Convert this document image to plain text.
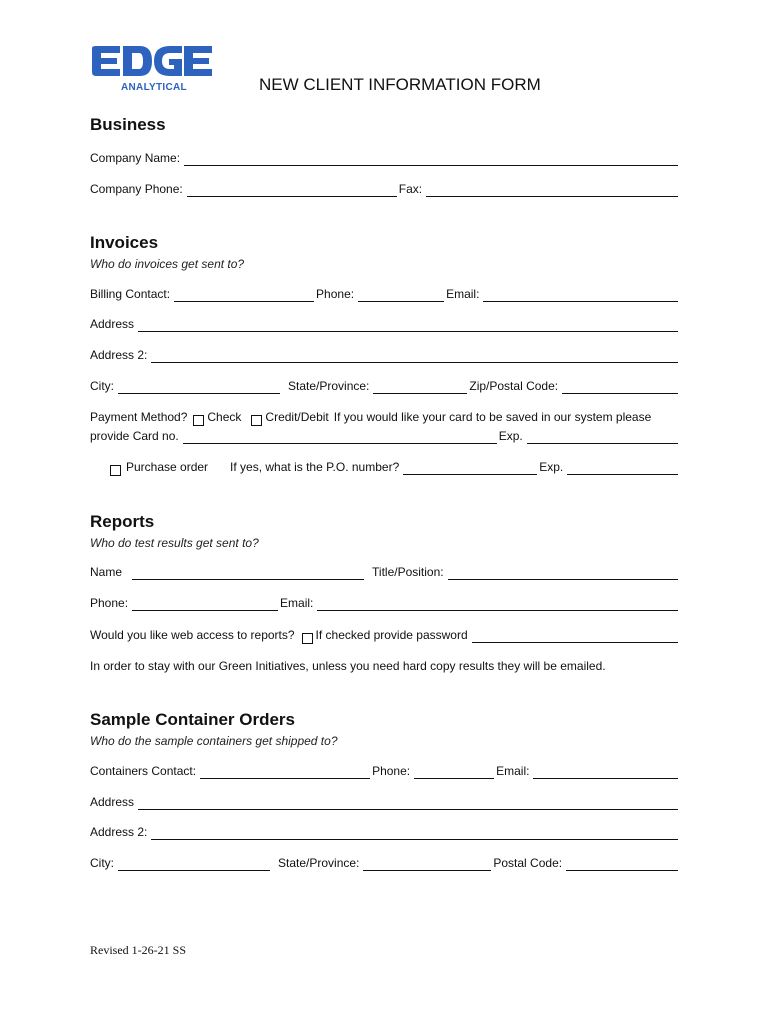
ANALYTICAL	NEW CLIENT INFORMATION FORM
Business
Company Name:
Company Phone:	Fax:
Invoices
Who do invoices get sent to?
Billing Contact:	Phone:	Email:
Address
Address 2:
City:	State/Province:	Zip/Postal Code:
Payment Method? Check Credit/Debit If you would like your card to be saved in our system please
provide Card no.	Exp.
Purchase order If yes, what is the P.O. number?	Exp.
Reports
Who do test results get sent to?
Name	Title/Position:
Phone:	Email:
Would you like web access to reports? If checked provide password
In order to stay with our Green Initiatives, unless you need hard copy results they will be emailed.
Sample Container Orders
Who do the sample containers get shipped to?
Containers Contact:	Phone:	Email:
Address
Address 2:
City:	State/Province:	Postal Code:
Revised 1-26-21 SS
